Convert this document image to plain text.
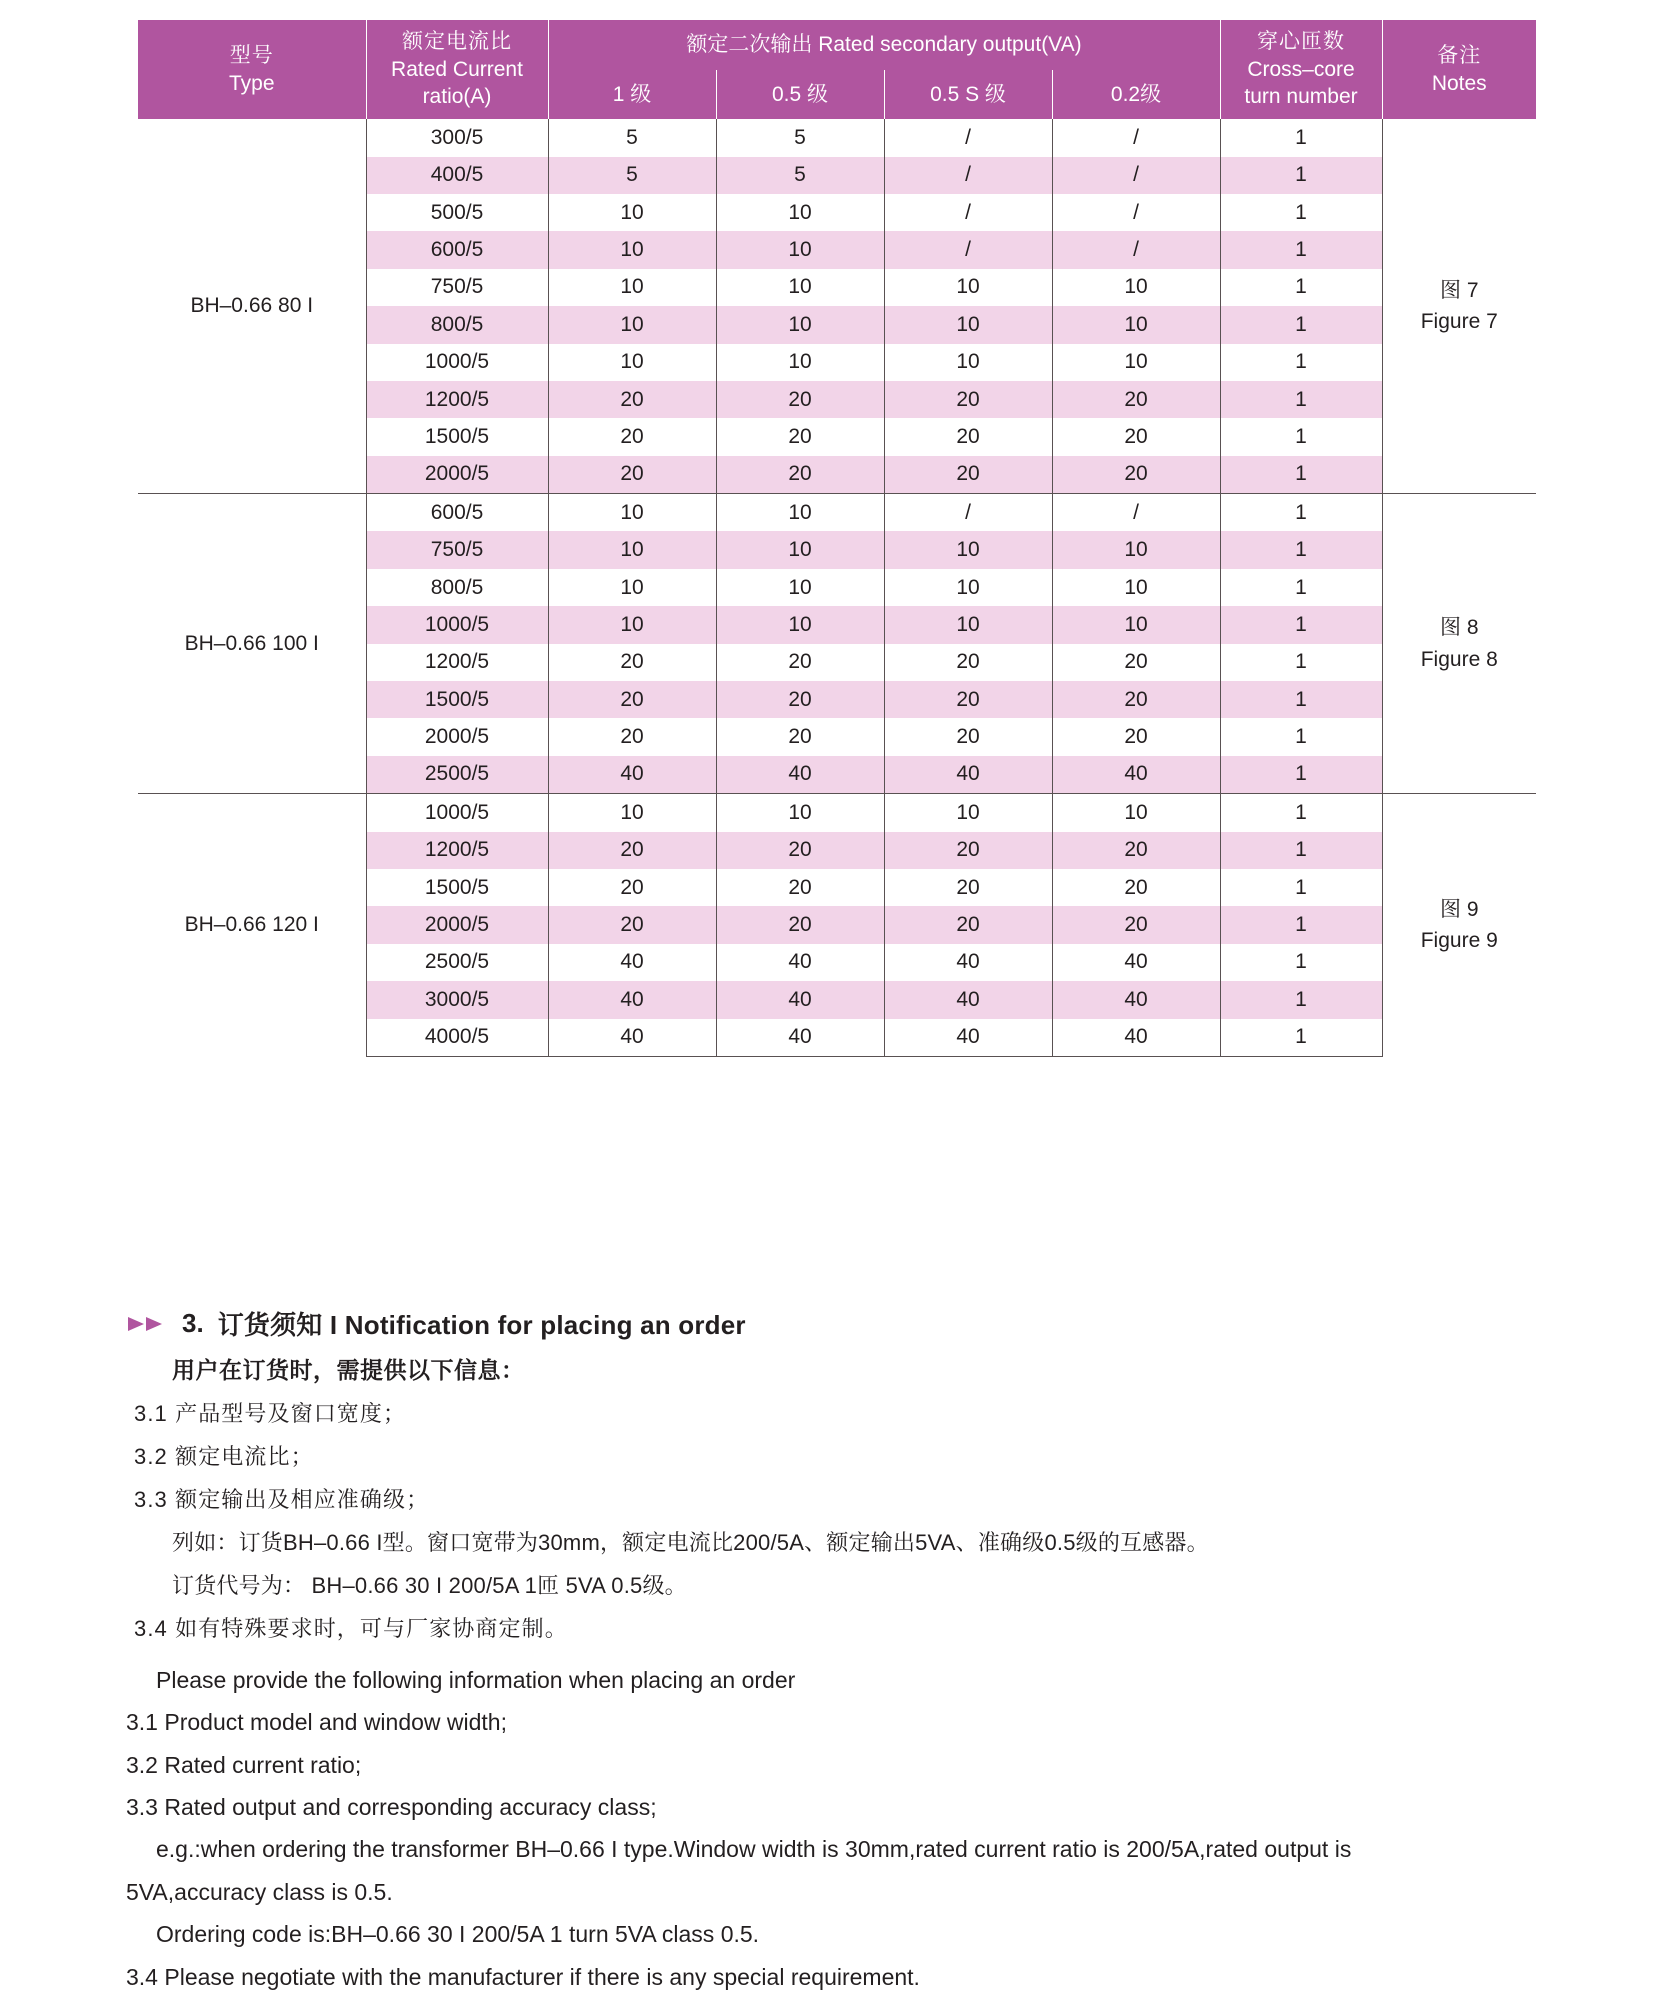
型号
Type	额定电流比
Rated Current
ratio(A)	额定二次输出 Rated secondary output(VA)				穿心匝数
Cross–core
turn number	备注
Notes

		1 级	0.5 级	0.5 S 级	0.2级		
BH–0.66 80 I	300/5	5	5	/	/	1	图 7
Figure 7

	400/5	5	5	/	/	1	
	500/5	10	10	/	/	1	
	600/5	10	10	/	/	1	
	750/5	10	10	10	10	1	
	800/5	10	10	10	10	1	
	1000/5	10	10	10	10	1	
	1200/5	20	20	20	20	1	
	1500/5	20	20	20	20	1	
	2000/5	20	20	20	20	1	
BH–0.66 100 I	600/5	10	10	/	/	1	图 8
Figure 8

	750/5	10	10	10	10	1	
	800/5	10	10	10	10	1	
	1000/5	10	10	10	10	1	
	1200/5	20	20	20	20	1	
	1500/5	20	20	20	20	1	
	2000/5	20	20	20	20	1	
	2500/5	40	40	40	40	1	
BH–0.66 120 I	1000/5	10	10	10	10	1	图 9
Figure 9

	1200/5	20	20	20	20	1	
	1500/5	20	20	20	20	1	
	2000/5	20	20	20	20	1	
	2500/5	40	40	40	40	1	
	3000/5	40	40	40	40	1	
	4000/5	40	40	40	40	1	
3. 订货须知 I Notification for placing an order
用户在订货时，需提供以下信息：
3.1 产品型号及窗口宽度；
3.2 额定电流比；
3.3 额定输出及相应准确级；
列如：订货BH–0.66 I型。窗口宽带为30mm，额定电流比200/5A、额定输出5VA、准确级0.5级的互感器。
订货代号为： BH–0.66 30 I 200/5A 1匝 5VA 0.5级。
3.4 如有特殊要求时，可与厂家协商定制。
Please provide the following information when placing an order
3.1 Product model and window width;
3.2 Rated current ratio;
3.3 Rated output and corresponding accuracy class;
e.g.:when ordering the transformer BH–0.66 I type.Window width is 30mm,rated current ratio is 200/5A,rated output is
5VA,accuracy class is 0.5.
Ordering code is:BH–0.66 30 I 200/5A 1 turn 5VA class 0.5.
3.4 Please negotiate with the manufacturer if there is any special requirement.
